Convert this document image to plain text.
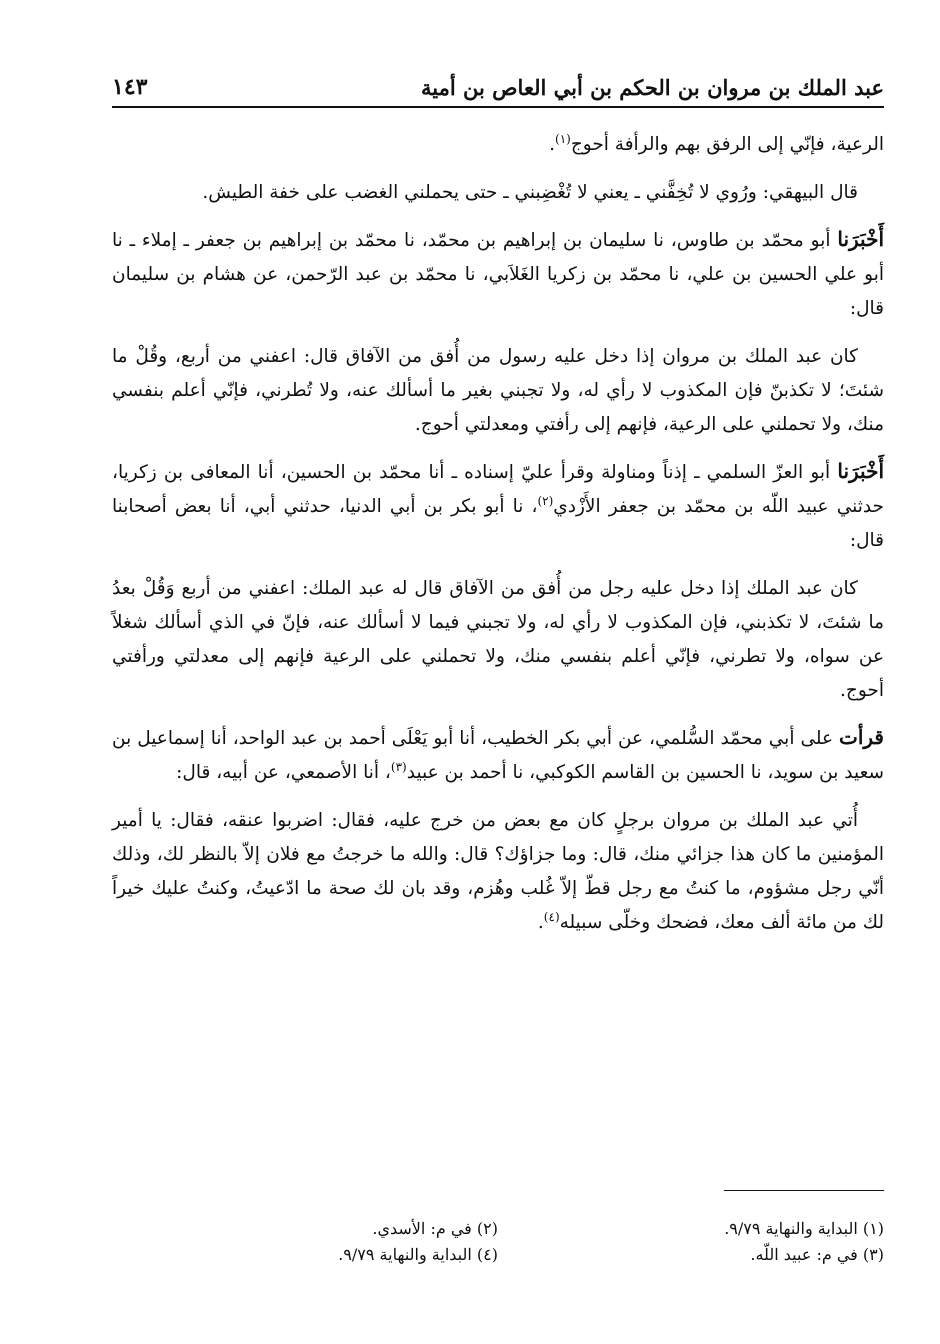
عبد الملك بن مروان بن الحكم بن أبي العاص بن أمية
١٤٣

الرعية، فإنّي إلى الرفق بهم والرأفة أحوج$^{(١)}$.

قال البيهقي: ورُوي لا تُخِفَّني ـ يعني لا تُغْضِبني ـ حتى يحملني الغضب على خفة الطيش.

أَخْبَرَنا أبو محمّد بن طاوس، نا سليمان بن إبراهيم بن محمّد، نا محمّد بن إبراهيم بن جعفر ـ إملاء ـ نا أبو علي الحسين بن علي، نا محمّد بن زكريا الغَلاَبي، نا محمّد بن عبد الرّحمن، عن هشام بن سليمان قال:

كان عبد الملك بن مروان إذا دخل عليه رسول من أُفق من الآفاق قال: اعفني من أربع، وقُلْ ما شئتَ؛ لا تكذبنّ فإن المكذوب لا رأي له، ولا تجبني بغير ما أسألك عنه، ولا تُطرني، فإنّي أعلم بنفسي منك، ولا تحملني على الرعية، فإنهم إلى رأفتي ومعدلتي أحوج.

أَخْبَرَنا أبو العزّ السلمي ـ إذناً ومناولة وقرأ عليّ إسناده ـ أنا محمّد بن الحسين، أنا المعافى بن زكريا، حدثني عبيد اللّه بن محمّد بن جعفر الأَزْدي$^{(٢)}$، نا أبو بكر بن أبي الدنيا، حدثني أبي، أنا بعض أصحابنا قال:

كان عبد الملك إذا دخل عليه رجل من أُفق من الآفاق قال له عبد الملك: اعفني من أربع وَقُلْ بعدُ ما شئتَ، لا تكذبني، فإن المكذوب لا رأي له، ولا تجبني فيما لا أسألك عنه، فإنّ في الذي أسألك شغلاً عن سواه، ولا تطرني، فإنّي أعلم بنفسي منك، ولا تحملني على الرعية فإنهم إلى معدلتي ورأفتي أحوج.

قرأت على أبي محمّد السُّلمي، عن أبي بكر الخطيب، أنا أبو يَعْلَى أحمد بن عبد الواحد، أنا إسماعيل بن سعيد بن سويد، نا الحسين بن القاسم الكوكبي، نا أحمد بن عبيد$^{(٣)}$، أنا الأصمعي، عن أبيه، قال:

أُتي عبد الملك بن مروان برجلٍ كان مع بعض من خرج عليه، فقال: اضربوا عنقه، فقال: يا أمير المؤمنين ما كان هذا جزائي منك، قال: وما جزاؤك؟ قال: والله ما خرجتُ مع فلان إلاّ بالنظر لك، وذلك أنّي رجل مشؤوم، ما كنتُ مع رجل قطّ إلاّ غُلب وهُزم، وقد بان لك صحة ما ادّعيتُ، وكنتُ عليك خيراً لك من مائة ألف معك، فضحك وخلّى سبيله$^{(٤)}$.

(١) البداية والنهاية ٩/٧٩.
(٢) في م: الأسدي.
(٣) في م: عبيد اللّه.
(٤) البداية والنهاية ٩/٧٩.
